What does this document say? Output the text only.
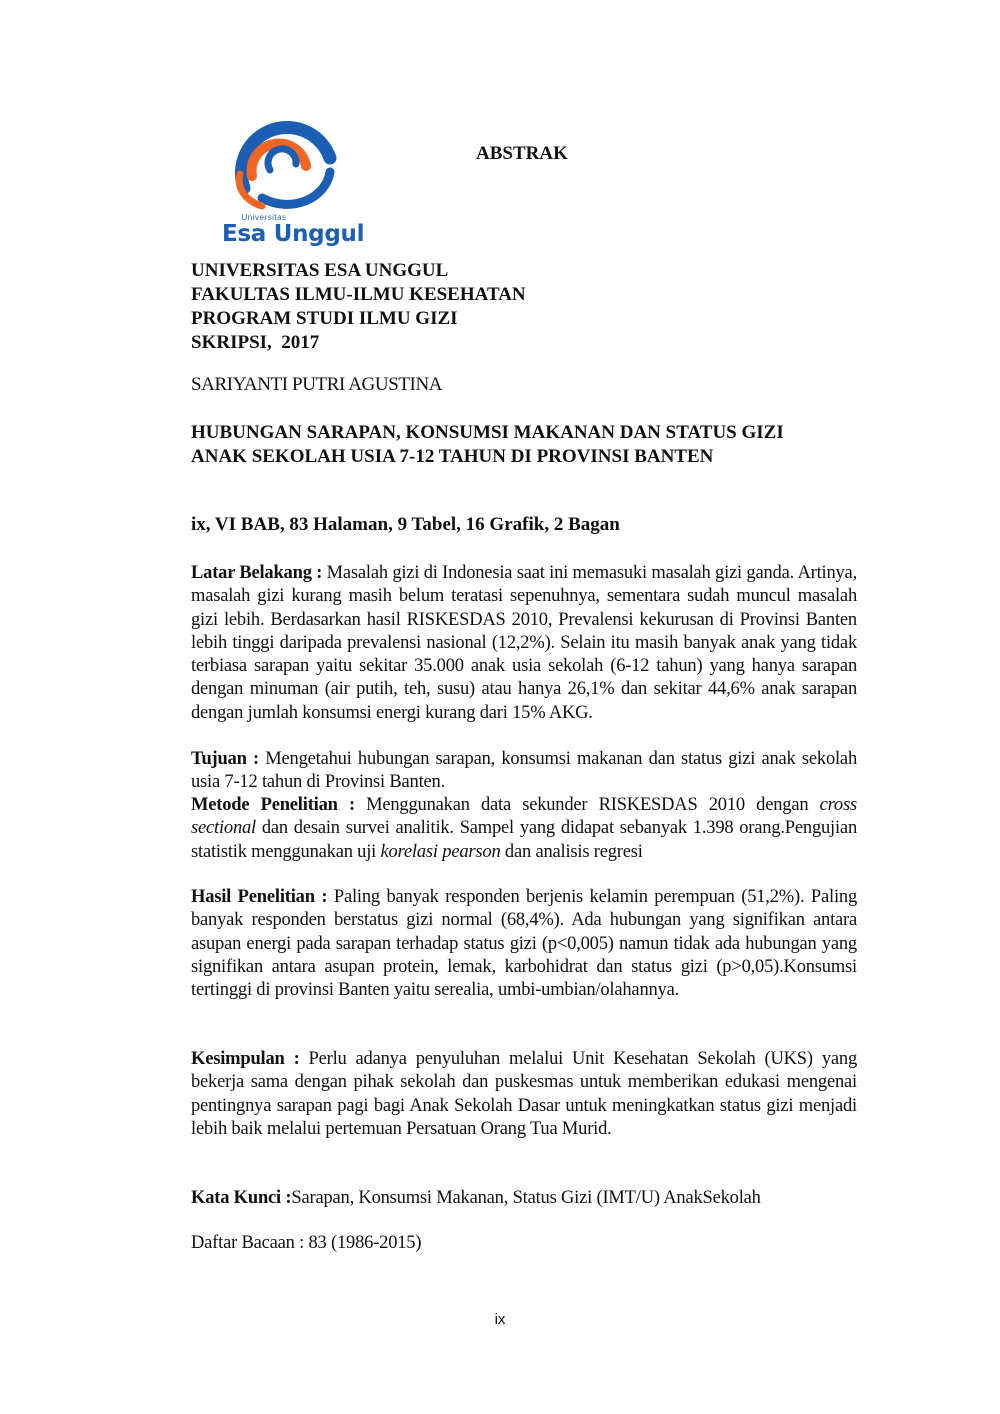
Universitas
Esa Unggul
ABSTRAK
UNIVERSITAS ESA UNGGUL
FAKULTAS ILMU-ILMU KESEHATAN
PROGRAM STUDI ILMU GIZI
SKRIPSI,  2017

SARIYANTI PUTRI AGUSTINA

HUBUNGAN SARAPAN, KONSUMSI MAKANAN DAN STATUS GIZI
ANAK SEKOLAH USIA 7-12 TAHUN DI PROVINSI BANTEN

ix, VI BAB, 83 Halaman, 9 Tabel, 16 Grafik, 2 Bagan

Latar Belakang : Masalah gizi di Indonesia saat ini memasuki masalah gizi ganda. Artinya, masalah gizi kurang masih belum teratasi sepenuhnya, sementara sudah muncul masalah gizi lebih. Berdasarkan hasil RISKESDAS 2010, Prevalensi kekurusan di Provinsi Banten lebih tinggi daripada prevalensi nasional (12,2%). Selain itu masih banyak anak yang tidak terbiasa sarapan yaitu sekitar 35.000 anak usia sekolah (6-12 tahun) yang hanya sarapan dengan minuman (air putih, teh, susu) atau hanya 26,1% dan sekitar 44,6% anak sarapan dengan jumlah konsumsi energi kurang dari 15% AKG.

Tujuan : Mengetahui hubungan sarapan, konsumsi makanan dan status gizi anak sekolah usia 7-12 tahun di Provinsi Banten.

Metode Penelitian : Menggunakan data sekunder RISKESDAS 2010 dengan cross sectional dan desain survei analitik. Sampel yang didapat sebanyak 1.398 orang.Pengujian statistik menggunakan uji korelasi pearson dan analisis regresi

Hasil Penelitian : Paling banyak responden berjenis kelamin perempuan (51,2%). Paling banyak responden berstatus gizi normal (68,4%). Ada hubungan yang signifikan antara asupan energi pada sarapan terhadap status gizi (p<0,005) namun tidak ada hubungan yang signifikan antara asupan protein, lemak, karbohidrat dan status gizi (p>0,05).Konsumsi tertinggi di provinsi Banten yaitu serealia, umbi-umbian/olahannya.

Kesimpulan : Perlu adanya penyuluhan melalui Unit Kesehatan Sekolah (UKS) yang bekerja sama dengan pihak sekolah dan puskesmas untuk memberikan edukasi mengenai pentingnya sarapan pagi bagi Anak Sekolah Dasar untuk meningkatkan status gizi menjadi lebih baik melalui pertemuan Persatuan Orang Tua Murid.

Kata Kunci :Sarapan, Konsumsi Makanan, Status Gizi (IMT/U) AnakSekolah

Daftar Bacaan : 83 (1986-2015)

ix
